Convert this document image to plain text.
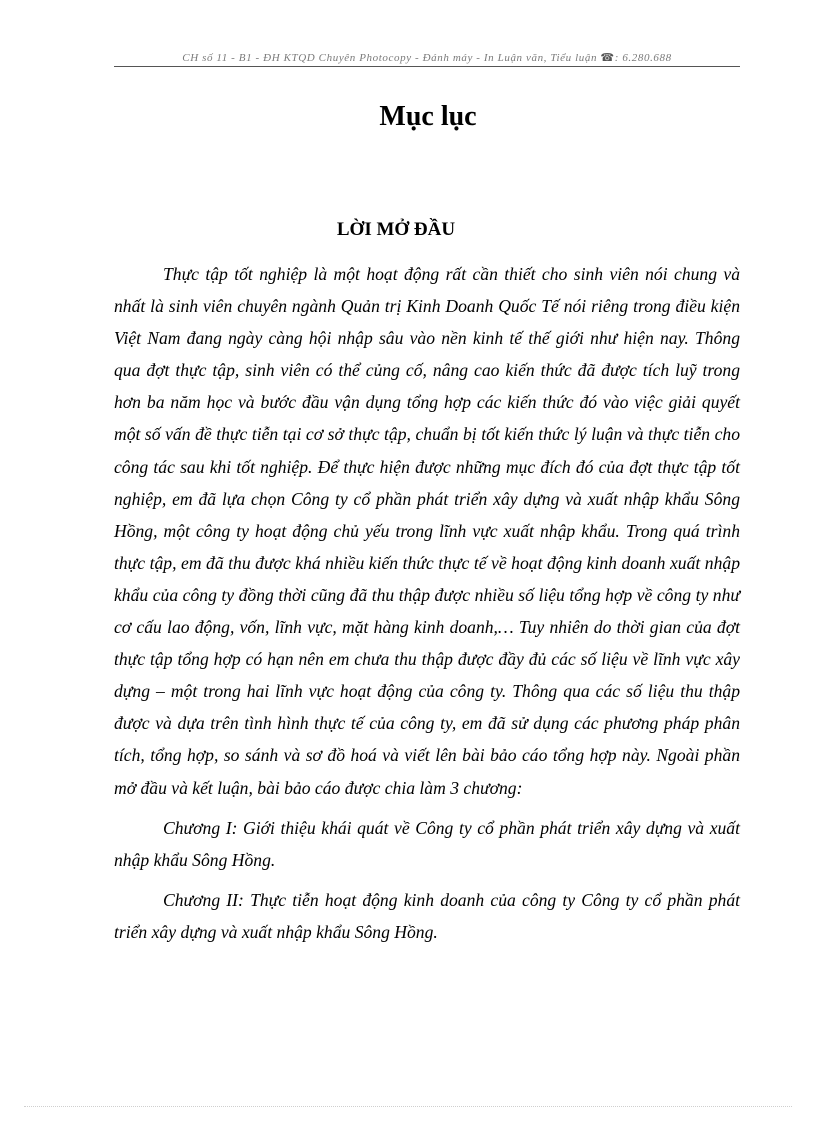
CH số 11 - B1 - ĐH KTQD Chuyên Photocopy - Đánh máy - In Luận văn, Tiểu luận ☎: 6.280.688
Mục lục
LỜI MỞ ĐẦU

Thực tập tốt nghiệp là một hoạt động rất cần thiết cho sinh viên nói chung và nhất là sinh viên chuyên ngành Quản trị Kinh Doanh Quốc Tế nói riêng trong điều kiện Việt Nam đang ngày càng hội nhập sâu vào nền kinh tế thế giới như hiện nay. Thông qua đợt thực tập, sinh viên có thể củng cố, nâng cao kiến thức đã được tích luỹ trong hơn ba năm học và bước đầu vận dụng tổng hợp các kiến thức đó vào việc giải quyết một số vấn đề thực tiễn tại cơ sở thực tập, chuẩn bị tốt kiến thức lý luận và thực tiễn cho công tác sau khi tốt nghiệp. Để thực hiện được những mục đích đó của đợt thực tập tốt nghiệp, em đã lựa chọn Công ty cổ phần phát triển xây dựng và xuất nhập khẩu Sông Hồng, một công ty hoạt động chủ yếu trong lĩnh vực xuất nhập khẩu. Trong quá trình thực tập, em đã thu được khá nhiều kiến thức thực tế về hoạt động kinh doanh xuất nhập khẩu của công ty đồng thời cũng đã thu thập được nhiều số liệu tổng hợp về công ty như cơ cấu lao động, vốn, lĩnh vực, mặt hàng kinh doanh,… Tuy nhiên do thời gian của đợt thực tập tổng hợp có hạn nên em chưa thu thập được đầy đủ các số liệu về lĩnh vực xây dựng – một trong hai lĩnh vực hoạt động của công ty. Thông qua các số liệu thu thập được và dựa trên tình hình thực tế của công ty, em đã sử dụng các phương pháp phân tích, tổng hợp, so sánh và sơ đồ hoá và viết lên bài bảo cáo tổng hợp này. Ngoài phần mở đầu và kết luận, bài bảo cáo được chia làm 3 chương:

Chương I: Giới thiệu khái quát về Công ty cổ phần phát triển xây dựng và xuất nhập khẩu Sông Hồng.

Chương II: Thực tiễn hoạt động kinh doanh của công ty Công ty cổ phần phát triển xây dựng và xuất nhập khẩu Sông Hồng.
